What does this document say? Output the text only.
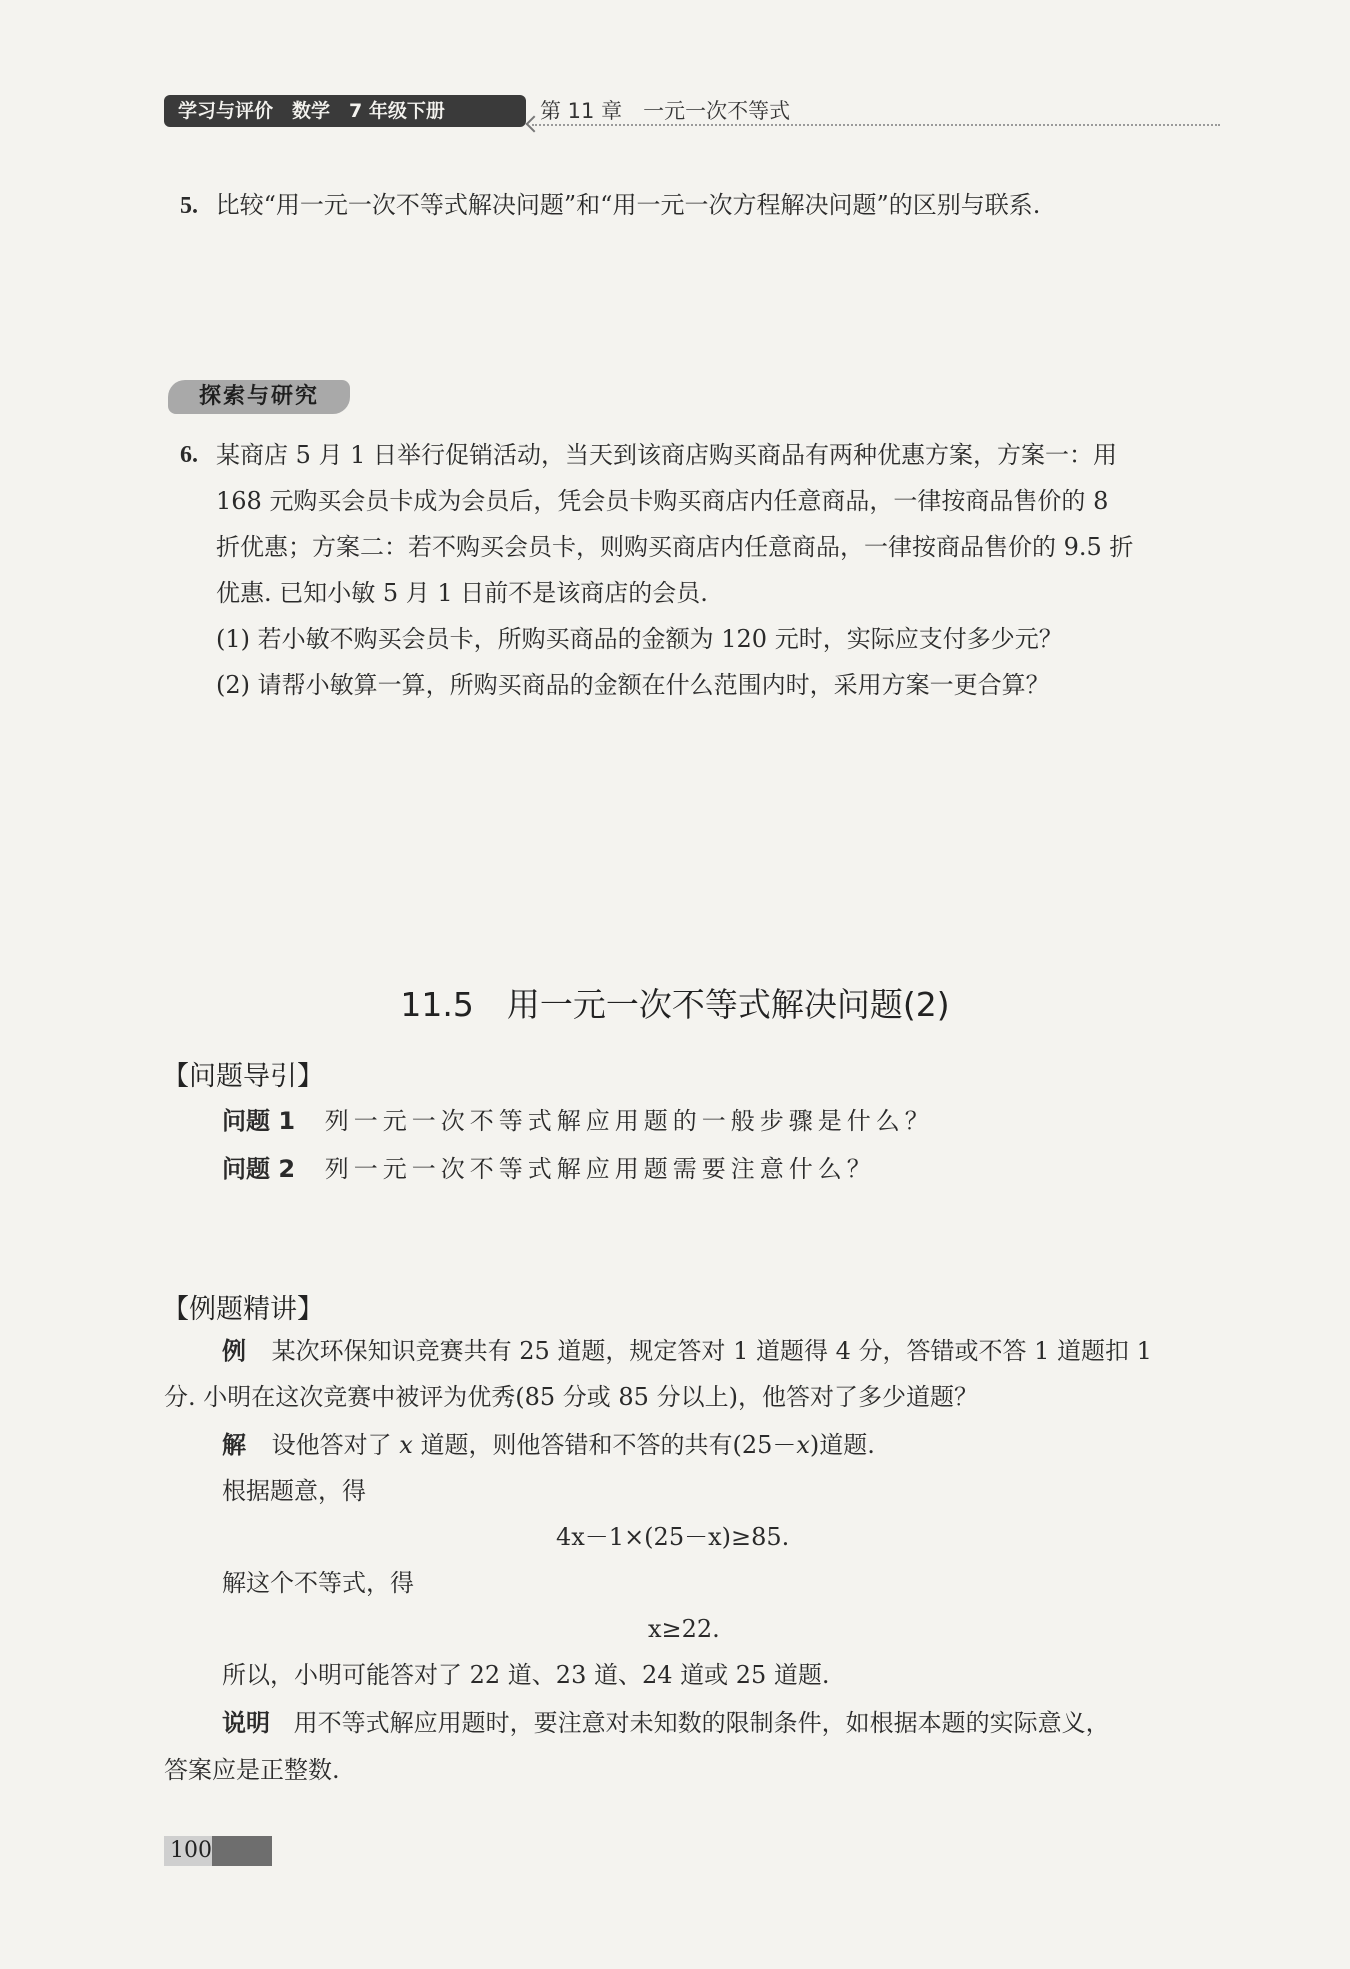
学习与评价　数学　7 年级下册	第 11 章　一元一次不等式
5. 比较“用一元一次不等式解决问题”和“用一元一次方程解决问题”的区别与联系.
探索与研究
6. 某商店 5 月 1 日举行促销活动，当天到该商店购买商品有两种优惠方案，方案一：用
168 元购买会员卡成为会员后，凭会员卡购买商店内任意商品，一律按商品售价的 8
折优惠；方案二：若不购买会员卡，则购买商店内任意商品，一律按商品售价的 9.5 折
优惠. 已知小敏 5 月 1 日前不是该商店的会员.
(1) 若小敏不购买会员卡，所购买商品的金额为 120 元时，实际应支付多少元？
(2) 请帮小敏算一算，所购买商品的金额在什么范围内时，采用方案一更合算？
11.5　用一元一次不等式解决问题(2)
【问题导引】
问题 1 列一元一次不等式解应用题的一般步骤是什么？
问题 2 列一元一次不等式解应用题需要注意什么？
【例题精讲】
例 某次环保知识竞赛共有 25 道题，规定答对 1 道题得 4 分，答错或不答 1 道题扣 1
分. 小明在这次竞赛中被评为优秀(85 分或 85 分以上)，他答对了多少道题？
解 设他答对了 x 道题，则他答错和不答的共有(25－x)道题.
根据题意，得
4x－1×(25－x)≥85.
解这个不等式，得
x≥22.
所以，小明可能答对了 22 道、23 道、24 道或 25 道题.
说明 用不等式解应用题时，要注意对未知数的限制条件，如根据本题的实际意义，
答案应是正整数.
100
